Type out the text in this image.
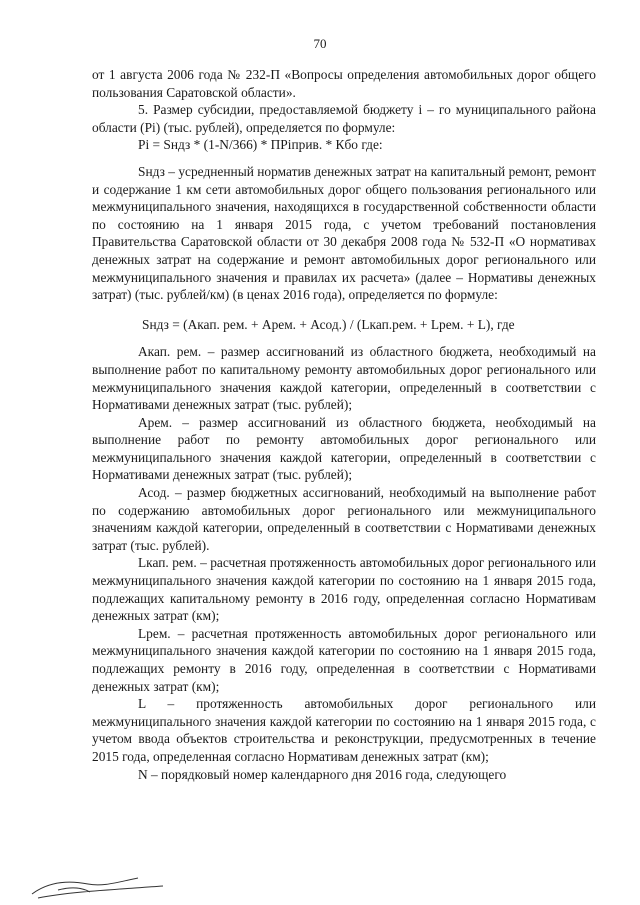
70

от 1 августа 2006 года № 232-П «Вопросы определения автомобильных дорог общего пользования Саратовской области».

5. Размер субсидии, предоставляемой бюджету i – го муниципального района области (Pi) (тыс. рублей), определяется по формуле:

Pi = Sндз * (1-N/366) * ПРiприв. * Кбо где:

Sндз – усредненный норматив денежных затрат на капитальный ремонт, ремонт и содержание 1 км сети автомобильных дорог общего пользования регионального или межмуниципального значения, находящихся в государственной собственности области по состоянию на 1 января 2015 года, с учетом требований постановления Правительства Саратовской области от 30 декабря 2008 года № 532-П «О нормативах денежных затрат на содержание и ремонт автомобильных дорог регионального или межмуниципального значения и правилах их расчета» (далее – Нормативы денежных затрат) (тыс. рублей/км) (в ценах 2016 года), определяется по формуле:

Sндз = (Акап. рем. + Арем. + Асод.) / (Lкап.рем. + Lрем. + L), где

Акап. рем. – размер ассигнований из областного бюджета, необходимый на выполнение работ по капитальному ремонту автомобильных дорог регионального или межмуниципального значения каждой категории, определенный в соответствии с Нормативами денежных затрат (тыс. рублей);

Арем. – размер ассигнований из областного бюджета, необходимый на выполнение работ по ремонту автомобильных дорог регионального или межмуниципального значения каждой категории, определенный в соответствии с Нормативами денежных затрат (тыс. рублей);

Асод. – размер бюджетных ассигнований, необходимый на выполнение работ по содержанию автомобильных дорог регионального или межмуниципального значениям каждой категории, определенный в соответствии с Нормативами денежных затрат (тыс. рублей).

Lкап. рем. – расчетная протяженность автомобильных дорог регионального или межмуниципального значения каждой категории по состоянию на 1 января 2015 года, подлежащих капитальному ремонту в 2016 году, определенная согласно Нормативам денежных затрат (км);

Lрем. – расчетная протяженность автомобильных дорог регионального или межмуниципального значения каждой категории по состоянию на 1 января 2015 года, подлежащих ремонту в 2016 году, определенная в соответствии с Нормативами денежных затрат (км);

L – протяженность автомобильных дорог регионального или межмуниципального значения каждой категории по состоянию на 1 января 2015 года, с учетом ввода объектов строительства и реконструкции, предусмотренных в течение 2015 года, определенная согласно Нормативам денежных затрат (км);

N – порядковый номер календарного дня 2016 года, следующего
